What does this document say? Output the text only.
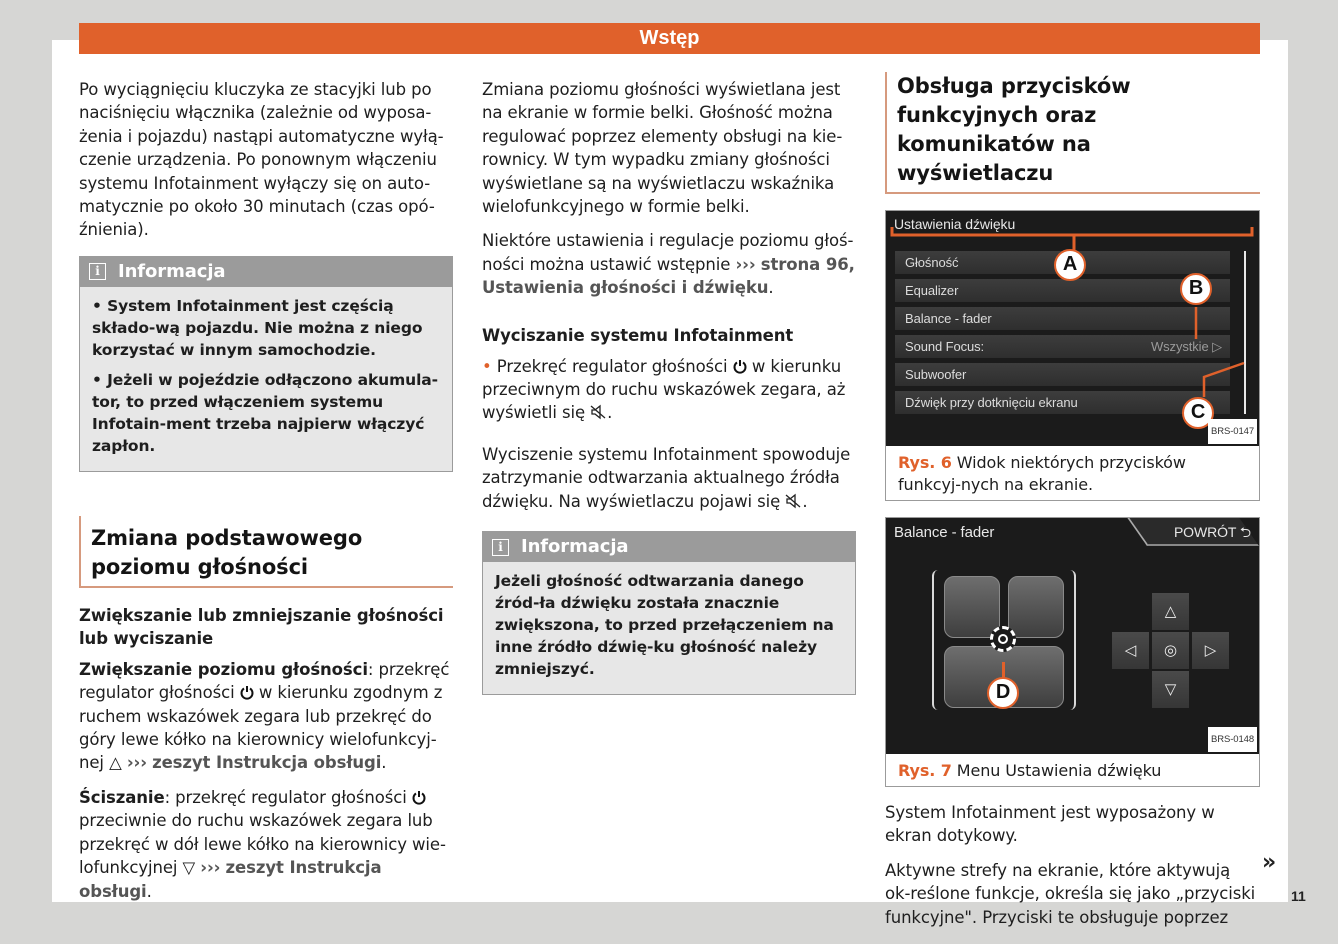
Wstęp

Po wyciągnięciu kluczyka ze stacyjki lub po naciśnięciu włącznika (zależnie od wyposa-żenia i pojazdu) nastąpi automatyczne wyłą-czenie urządzenia. Po ponownym włączeniu systemu Infotainment wyłączy się on auto-matycznie po około 30 minutach (czas opó-źnienia).

i	Informacja

• System Infotainment jest częścią składo-wą pojazdu. Nie można z niego korzystać w innym samochodzie.

• Jeżeli w pojeździe odłączono akumula-tor, to przed włączeniem systemu Infotain-ment trzeba najpierw włączyć zapłon.

Zmiana podstawowego poziomu głośności
Zwiększanie lub zmniejszanie głośności lub wyciszanie

Zwiększanie poziomu głośności: przekręć regulator głośności w kierunku zgodnym z ruchem wskazówek zegara lub przekręć do góry lewe kółko na kierownicy wielofunkcyj-nej △ ››› zeszyt Instrukcja obsługi.

Ściszanie: przekręć regulator głośności  przeciwnie do ruchu wskazówek zegara lub przekręć w dół lewe kółko na kierownicy wie-lofunkcyjnej ▽ ››› zeszyt Instrukcja obsługi.

Zmiana poziomu głośności wyświetlana jest na ekranie w formie belki. Głośność można regulować poprzez elementy obsługi na kie-rownicy. W tym wypadku zmiany głośności wyświetlane są na wyświetlaczu wskaźnika wielofunkcyjnego w formie belki.

Niektóre ustawienia i regulacje poziomu głoś-ności można ustawić wstępnie ››› strona 96, Ustawienia głośności i dźwięku.

Wyciszanie systemu Infotainment

• Przekręć regulator głośności w kierunku przeciwnym do ruchu wskazówek zegara, aż wyświetli się .

Wyciszenie systemu Infotainment spowoduje zatrzymanie odtwarzania aktualnego źródła dźwięku. Na wyświetlaczu pojawi się .

i	Informacja

Jeżeli głośność odtwarzania danego źród-ła dźwięku została znacznie zwiększona, to przed przełączeniem na inne źródło dźwię-ku głośność należy zmniejszyć.

Obsługa przycisków funkcyjnych oraz komunikatów na wyświetlaczu
Ustawienia dźwięku
Głośność
Equalizer
Balance - fader
Sound Focus:	Wszystkie ▷
Subwoofer
Dźwięk przy dotknięciu ekranu
A
B
C
BRS-0147
Rys. 6 Widok niektórych przycisków funkcyj-nych na ekranie.
Balance - fader	POWRÓT ⮌
D
△
◁	◎	▷
▽
BRS-0148
Rys. 7 Menu Ustawienia dźwięku

System Infotainment jest wyposażony w ekran dotykowy.

Aktywne strefy na ekranie, które aktywują ok-reślone funkcje, określa się jako „przyciski funkcyjne". Przyciski te obsługuje poprzez

»
11
